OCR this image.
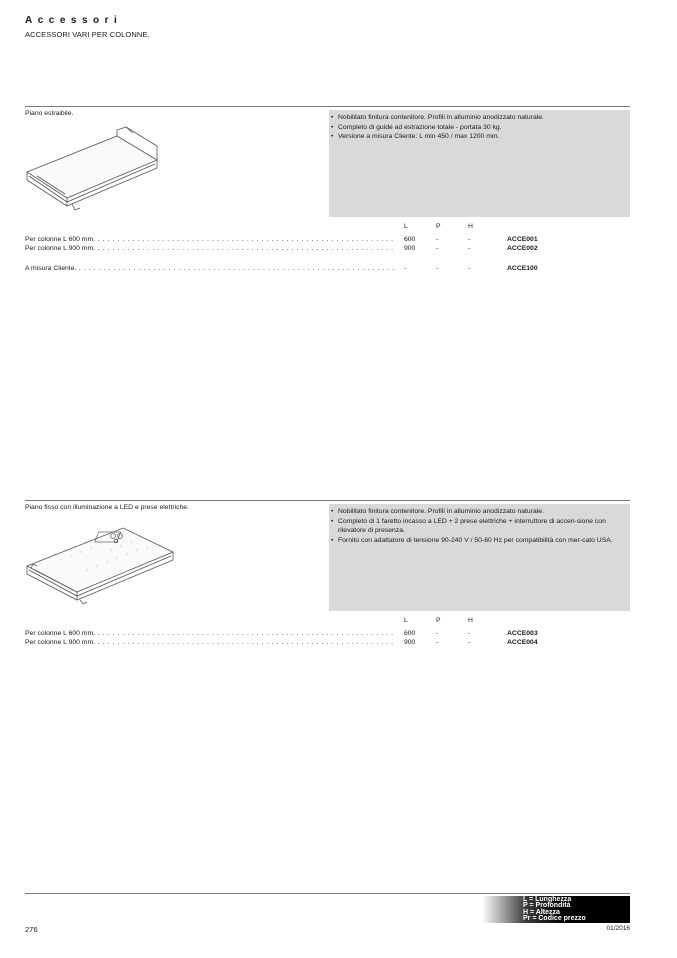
Accessori
ACCESSORI VARI PER COLONNE.
Piano estraibile.
• Nobilitato finitura contenitore. Profili in alluminio anodizzato naturale.
• Completo di guide ad estrazione totale - portata 30 kg.
• Versione a misura Cliente: L min 450 / max 1200 mm.
L	P	H
Per colonne L 600 mm. . . .	600	-	-	ACCE001
Per colonne L 900 mm. . . .	900	-	-	ACCE002
A misura Cliente. . . .	-	-	-	ACCE100
Piano fisso con illuminazione a LED e prese elettriche.
• Nobilitato finitura contenitore. Profili in alluminio anodizzato naturale.
• Completo di 1 faretto incasso a LED + 2 prese elettriche + interruttore di accen-sione con rilevatore di presenza.
• Fornito con adattatore di tensione 90-240 V / 50-60 Hz per compatibilità con mer-cato USA.
L	P	H
Per colonne L 600 mm. . . .	600	-	-	ACCE003
Per colonne L 900 mm. . . .	900	-	-	ACCE004
L = Lunghezza
P = Profondità
H = Altezza
Pr = Codice prezzo
276	01/2016
